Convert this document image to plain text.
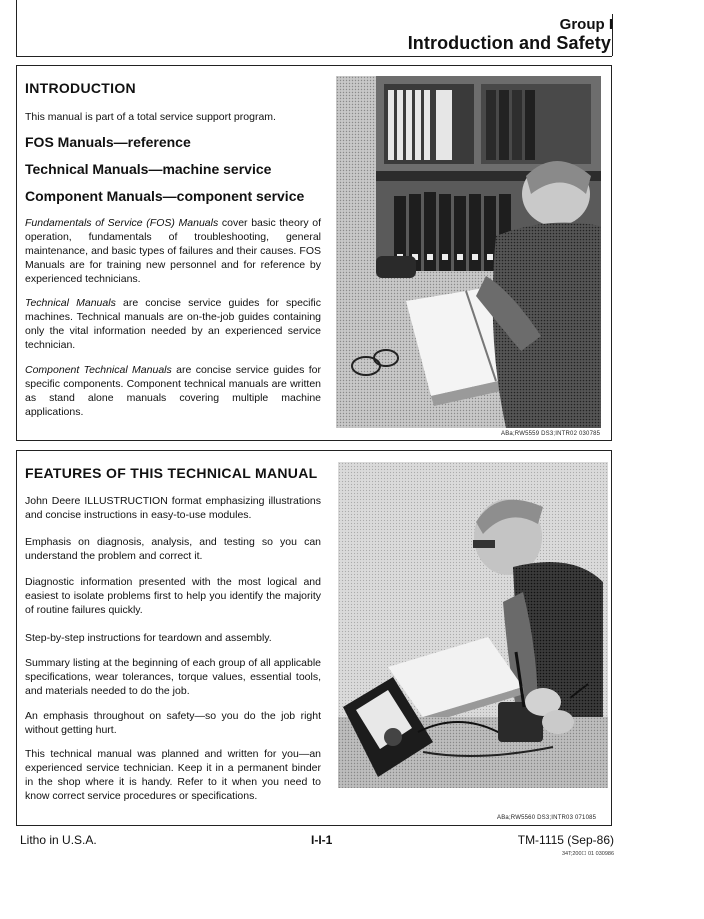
Group I
Introduction and Safety
INTRODUCTION
This manual is part of a total service support program.
FOS Manuals—reference
Technical Manuals—machine service
Component Manuals—component service
Fundamentals of Service (FOS) Manuals cover basic theory of operation, fundamentals of troubleshooting, general maintenance, and basic types of failures and their causes. FOS Manuals are for training new personnel and for reference by experienced technicians.
Technical Manuals are concise service guides for specific machines. Technical manuals are on-the-job guides containing only the vital information needed by an experienced service technician.
Component Technical Manuals are concise service guides for specific components. Component technical manuals are written as stand alone manuals covering multiple machine applications.
ABa;RW5559 DS3;INTR02 030785
FEATURES OF THIS TECHNICAL MANUAL
John Deere ILLUSTRUCTION format emphasizing illustrations and concise instructions in easy-to-use modules.
Emphasis on diagnosis, analysis, and testing so you can understand the problem and correct it.
Diagnostic information presented with the most logical and easiest to isolate problems first to help you identify the majority of routine failures quickly.
Step-by-step instructions for teardown and assembly.
Summary listing at the beginning of each group of all applicable specifications, wear tolerances, torque values, essential tools, and materials needed to do the job.
An emphasis throughout on safety—so you do the job right without getting hurt.
This technical manual was planned and written for you—an experienced service technician. Keep it in a permanent binder in the shop where it is handy. Refer to it when you need to know correct service procedures or specifications.
ABa;RW5560 DS3;INTR03 071085
Litho in U.S.A.	I-I-1	TM-1115 (Sep-86)
34T;200☐ 01 030986
